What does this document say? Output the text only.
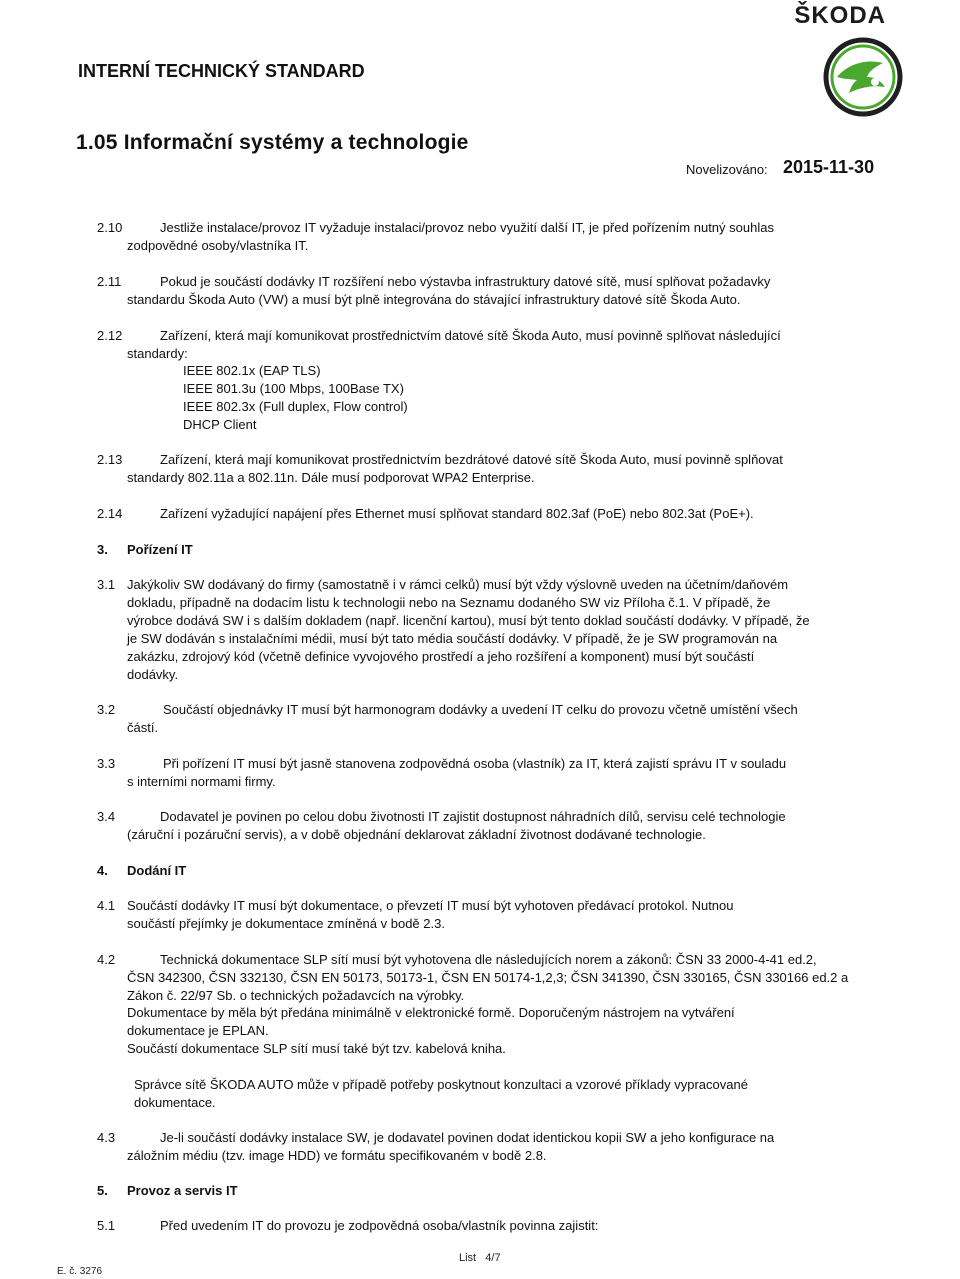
ŠKODA
INTERNÍ TECHNICKÝ STANDARD
1.05 Informační systémy a technologie
Novelizováno: 2015-11-30
2.10	Jestliže instalace/provoz IT vyžaduje instalaci/provoz nebo využití další IT, je před pořízením nutný souhlas
zodpovědné osoby/vlastníka IT.
2.11	Pokud je součástí dodávky IT rozšíření nebo výstavba infrastruktury datové sítě, musí splňovat požadavky
standardu Škoda Auto (VW) a musí být plně integrována do stávající infrastruktury datové sítě Škoda Auto.
2.12	Zařízení, která mají komunikovat prostřednictvím datové sítě Škoda Auto, musí povinně splňovat následující
standardy:
IEEE 802.1x (EAP TLS)
IEEE 801.3u (100 Mbps, 100Base TX)
IEEE 802.3x (Full duplex, Flow control)
DHCP Client
2.13	Zařízení, která mají komunikovat prostřednictvím bezdrátové datové sítě Škoda Auto, musí povinně splňovat
standardy 802.11a a 802.11n. Dále musí podporovat WPA2 Enterprise.
2.14	Zařízení vyžadující napájení přes Ethernet musí splňovat standard 802.3af (PoE) nebo 802.3at (PoE+).
3. Pořízení IT
3.1 Jakýkoliv SW dodávaný do firmy (samostatně i v rámci celků) musí být vždy výslovně uveden na účetním/daňovém
dokladu, případně na dodacím listu k technologii nebo na Seznamu dodaného SW viz Příloha č.1. V případě, že
výrobce dodává SW i s dalším dokladem (např. licenční kartou), musí být tento doklad součástí dodávky. V případě, že
je SW dodáván s instalačními médii, musí být tato média součástí dodávky. V případě, že je SW programován na
zakázku, zdrojový kód (včetně definice vyvojového prostředí a jeho rozšíření a komponent) musí být součástí
dodávky.
3.2	Součástí objednávky IT musí být harmonogram dodávky a uvedení IT celku do provozu včetně umístění všech
částí.
3.3	Při pořízení IT musí být jasně stanovena zodpovědná osoba (vlastník) za IT, která zajistí správu IT v souladu
s interními normami firmy.
3.4	Dodavatel je povinen po celou dobu životnosti IT zajistit dostupnost náhradních dílů, servisu celé technologie
(záruční i pozáruční servis), a v době objednání deklarovat základní životnost dodávané technologie.
4. Dodání IT
4.1 Součástí dodávky IT musí být dokumentace, o převzetí IT musí být vyhotoven předávací protokol. Nutnou
součástí přejímky je dokumentace zmíněná v bodě 2.3.
4.2	Technická dokumentace SLP sítí musí být vyhotovena dle následujících norem a zákonů: ČSN 33 2000-4-41 ed.2,
ČSN 342300, ČSN 332130, ČSN EN 50173, 50173-1, ČSN EN 50174-1,2,3; ČSN 341390, ČSN 330165, ČSN 330166 ed.2 a
Zákon č. 22/97 Sb. o technických požadavcích na výrobky.
Dokumentace by měla být předána minimálně v elektronické formě. Doporučeným nástrojem na vytváření
dokumentace je EPLAN.
Součástí dokumentace SLP sítí musí také být tzv. kabelová kniha.
Správce sítě ŠKODA AUTO může v případě potřeby poskytnout konzultaci a vzorové příklady vypracované
dokumentace.
4.3	Je-li součástí dodávky instalace SW, je dodavatel povinen dodat identickou kopii SW a jeho konfigurace na
záložním médiu (tzv. image HDD) ve formátu specifikovaném v bodě 2.8.
5. Provoz a servis IT
5.1	Před uvedením IT do provozu je zodpovědná osoba/vlastník povinna zajistit:
E. č. 3276
List   4/7
